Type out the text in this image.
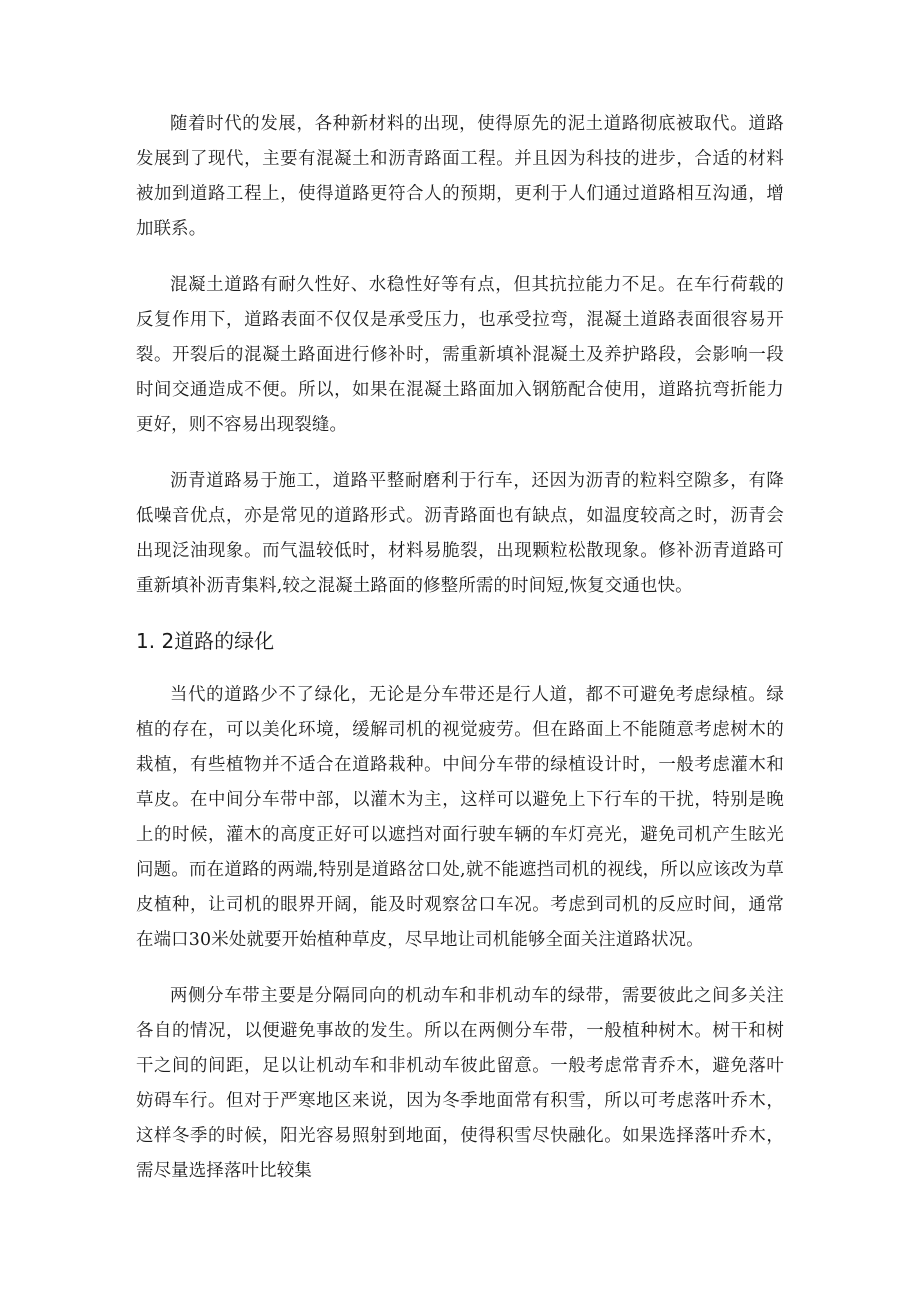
随着时代的发展，各种新材料的出现，使得原先的泥土道路彻底被取代。道路发展到了现代，主要有混凝土和沥青路面工程。并且因为科技的进步，合适的材料被加到道路工程上，使得道路更符合人的预期，更利于人们通过道路相互沟通，增加联系。

混凝土道路有耐久性好、水稳性好等有点，但其抗拉能力不足。在车行荷载的反复作用下，道路表面不仅仅是承受压力，也承受拉弯，混凝土道路表面很容易开裂。开裂后的混凝土路面进行修补时，需重新填补混凝土及养护路段，会影响一段时间交通造成不便。所以，如果在混凝土路面加入钢筋配合使用，道路抗弯折能力更好，则不容易出现裂缝。

沥青道路易于施工，道路平整耐磨利于行车，还因为沥青的粒料空隙多，有降低噪音优点，亦是常见的道路形式。沥青路面也有缺点，如温度较高之时，沥青会出现泛油现象。而气温较低时，材料易脆裂，出现颗粒松散现象。修补沥青道路可重新填补沥青集料,较之混凝土路面的修整所需的时间短,恢复交通也快。

1. 2道路的绿化

当代的道路少不了绿化，无论是分车带还是行人道，都不可避免考虑绿植。绿植的存在，可以美化环境，缓解司机的视觉疲劳。但在路面上不能随意考虑树木的栽植，有些植物并不适合在道路栽种。中间分车带的绿植设计时，一般考虑灌木和草皮。在中间分车带中部，以灌木为主，这样可以避免上下行车的干扰，特别是晚上的时候，灌木的高度正好可以遮挡对面行驶车辆的车灯亮光，避免司机产生眩光问题。而在道路的两端,特别是道路岔口处,就不能遮挡司机的视线，所以应该改为草皮植种，让司机的眼界开阔，能及时观察岔口车况。考虑到司机的反应时间，通常在端口30米处就要开始植种草皮，尽早地让司机能够全面关注道路状况。

两侧分车带主要是分隔同向的机动车和非机动车的绿带，需要彼此之间多关注各自的情况，以便避免事故的发生。所以在两侧分车带，一般植种树木。树干和树干之间的间距，足以让机动车和非机动车彼此留意。一般考虑常青乔木，避免落叶妨碍车行。但对于严寒地区来说，因为冬季地面常有积雪，所以可考虑落叶乔木，这样冬季的时候，阳光容易照射到地面，使得积雪尽快融化。如果选择落叶乔木，需尽量选择落叶比较集
